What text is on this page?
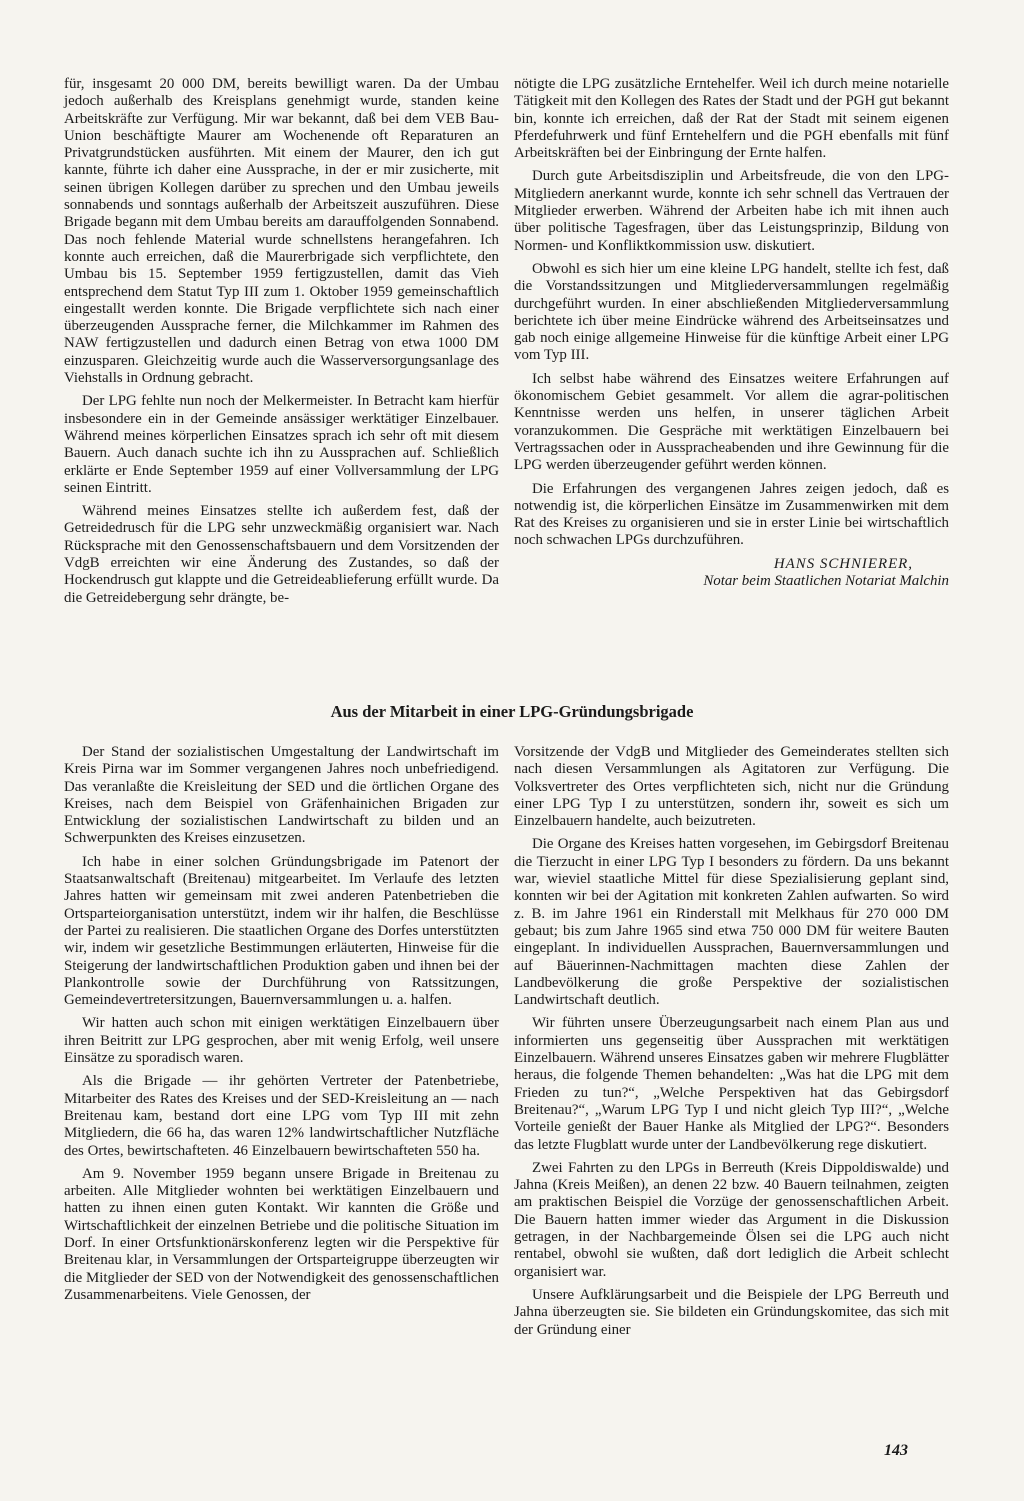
für, insgesamt 20 000 DM, bereits bewilligt waren. Da der Umbau jedoch außerhalb des Kreisplans genehmigt wurde, standen keine Arbeitskräfte zur Verfügung. Mir war bekannt, daß bei dem VEB Bau-Union beschäftigte Maurer am Wochenende oft Reparaturen an Privatgrundstücken ausführten. Mit einem der Maurer, den ich gut kannte, führte ich daher eine Aussprache, in der er mir zusicherte, mit seinen übrigen Kollegen darüber zu sprechen und den Umbau jeweils sonnabends und sonntags außerhalb der Arbeitszeit auszuführen. Diese Brigade begann mit dem Umbau bereits am darauffolgenden Sonnabend. Das noch fehlende Material wurde schnellstens herangefahren. Ich konnte auch erreichen, daß die Maurerbrigade sich verpflichtete, den Umbau bis 15. September 1959 fertigzustellen, damit das Vieh entsprechend dem Statut Typ III zum 1. Oktober 1959 gemeinschaftlich eingestallt werden konnte. Die Brigade verpflichtete sich nach einer überzeugenden Aussprache ferner, die Milchkammer im Rahmen des NAW fertigzustellen und dadurch einen Betrag von etwa 1000 DM einzusparen. Gleichzeitig wurde auch die Wasserversorgungsanlage des Viehstalls in Ordnung gebracht.

Der LPG fehlte nun noch der Melkermeister. In Betracht kam hierfür insbesondere ein in der Gemeinde ansässiger werktätiger Einzelbauer. Während meines körperlichen Einsatzes sprach ich sehr oft mit diesem Bauern. Auch danach suchte ich ihn zu Aussprachen auf. Schließlich erklärte er Ende September 1959 auf einer Vollversammlung der LPG seinen Eintritt.

Während meines Einsatzes stellte ich außerdem fest, daß der Getreidedrusch für die LPG sehr unzweckmäßig organisiert war. Nach Rücksprache mit den Genossenschaftsbauern und dem Vorsitzenden der VdgB erreichten wir eine Änderung des Zustandes, so daß der Hockendrusch gut klappte und die Getreideablieferung erfüllt wurde. Da die Getreidebergung sehr drängte, be-

nötigte die LPG zusätzliche Erntehelfer. Weil ich durch meine notarielle Tätigkeit mit den Kollegen des Rates der Stadt und der PGH gut bekannt bin, konnte ich erreichen, daß der Rat der Stadt mit seinem eigenen Pferdefuhrwerk und fünf Erntehelfern und die PGH ebenfalls mit fünf Arbeitskräften bei der Einbringung der Ernte halfen.

Durch gute Arbeitsdisziplin und Arbeitsfreude, die von den LPG-Mitgliedern anerkannt wurde, konnte ich sehr schnell das Vertrauen der Mitglieder erwerben. Während der Arbeiten habe ich mit ihnen auch über politische Tagesfragen, über das Leistungsprinzip, Bildung von Normen- und Konfliktkommission usw. diskutiert.

Obwohl es sich hier um eine kleine LPG handelt, stellte ich fest, daß die Vorstandssitzungen und Mitgliederversammlungen regelmäßig durchgeführt wurden. In einer abschließenden Mitgliederversammlung berichtete ich über meine Eindrücke während des Arbeitseinsatzes und gab noch einige allgemeine Hinweise für die künftige Arbeit einer LPG vom Typ III.

Ich selbst habe während des Einsatzes weitere Erfahrungen auf ökonomischem Gebiet gesammelt. Vor allem die agrar-politischen Kenntnisse werden uns helfen, in unserer täglichen Arbeit voranzukommen. Die Gespräche mit werktätigen Einzelbauern bei Vertragssachen oder in Ausspracheabenden und ihre Gewinnung für die LPG werden überzeugender geführt werden können.

Die Erfahrungen des vergangenen Jahres zeigen jedoch, daß es notwendig ist, die körperlichen Einsätze im Zusammenwirken mit dem Rat des Kreises zu organisieren und sie in erster Linie bei wirtschaftlich noch schwachen LPGs durchzuführen.

HANS SCHNIERER,
Notar beim Staatlichen Notariat Malchin
Aus der Mitarbeit in einer LPG-Gründungsbrigade

Der Stand der sozialistischen Umgestaltung der Landwirtschaft im Kreis Pirna war im Sommer vergangenen Jahres noch unbefriedigend. Das veranlaßte die Kreisleitung der SED und die örtlichen Organe des Kreises, nach dem Beispiel von Gräfenhainichen Brigaden zur Entwicklung der sozialistischen Landwirtschaft zu bilden und an Schwerpunkten des Kreises einzusetzen.

Ich habe in einer solchen Gründungsbrigade im Patenort der Staatsanwaltschaft (Breitenau) mitgearbeitet. Im Verlaufe des letzten Jahres hatten wir gemeinsam mit zwei anderen Patenbetrieben die Ortsparteiorganisation unterstützt, indem wir ihr halfen, die Beschlüsse der Partei zu realisieren. Die staatlichen Organe des Dorfes unterstützten wir, indem wir gesetzliche Bestimmungen erläuterten, Hinweise für die Steigerung der landwirtschaftlichen Produktion gaben und ihnen bei der Plankontrolle sowie der Durchführung von Ratssitzungen, Gemeindevertretersitzungen, Bauernversammlungen u. a. halfen.

Wir hatten auch schon mit einigen werktätigen Einzelbauern über ihren Beitritt zur LPG gesprochen, aber mit wenig Erfolg, weil unsere Einsätze zu sporadisch waren.

Als die Brigade — ihr gehörten Vertreter der Patenbetriebe, Mitarbeiter des Rates des Kreises und der SED-Kreisleitung an — nach Breitenau kam, bestand dort eine LPG vom Typ III mit zehn Mitgliedern, die 66 ha, das waren 12% landwirtschaftlicher Nutzfläche des Ortes, bewirtschafteten. 46 Einzelbauern bewirtschafteten 550 ha.

Am 9. November 1959 begann unsere Brigade in Breitenau zu arbeiten. Alle Mitglieder wohnten bei werktätigen Einzelbauern und hatten zu ihnen einen guten Kontakt. Wir kannten die Größe und Wirtschaftlichkeit der einzelnen Betriebe und die politische Situation im Dorf. In einer Ortsfunktionärskonferenz legten wir die Perspektive für Breitenau klar, in Versammlungen der Ortsparteigruppe überzeugten wir die Mitglieder der SED von der Notwendigkeit des genossenschaftlichen Zusammenarbeitens. Viele Genossen, der

Vorsitzende der VdgB und Mitglieder des Gemeinderates stellten sich nach diesen Versammlungen als Agitatoren zur Verfügung. Die Volksvertreter des Ortes verpflichteten sich, nicht nur die Gründung einer LPG Typ I zu unterstützen, sondern ihr, soweit es sich um Einzelbauern handelte, auch beizutreten.

Die Organe des Kreises hatten vorgesehen, im Gebirgsdorf Breitenau die Tierzucht in einer LPG Typ I besonders zu fördern. Da uns bekannt war, wieviel staatliche Mittel für diese Spezialisierung geplant sind, konnten wir bei der Agitation mit konkreten Zahlen aufwarten. So wird z. B. im Jahre 1961 ein Rinderstall mit Melkhaus für 270 000 DM gebaut; bis zum Jahre 1965 sind etwa 750 000 DM für weitere Bauten eingeplant. In individuellen Aussprachen, Bauernversammlungen und auf Bäuerinnen-Nachmittagen machten diese Zahlen der Landbevölkerung die große Perspektive der sozialistischen Landwirtschaft deutlich.

Wir führten unsere Überzeugungsarbeit nach einem Plan aus und informierten uns gegenseitig über Aussprachen mit werktätigen Einzelbauern. Während unseres Einsatzes gaben wir mehrere Flugblätter heraus, die folgende Themen behandelten: „Was hat die LPG mit dem Frieden zu tun?“, „Welche Perspektiven hat das Gebirgsdorf Breitenau?“, „Warum LPG Typ I und nicht gleich Typ III?“, „Welche Vorteile genießt der Bauer Hanke als Mitglied der LPG?“. Besonders das letzte Flugblatt wurde unter der Landbevölkerung rege diskutiert.

Zwei Fahrten zu den LPGs in Berreuth (Kreis Dippoldiswalde) und Jahna (Kreis Meißen), an denen 22 bzw. 40 Bauern teilnahmen, zeigten am praktischen Beispiel die Vorzüge der genossenschaftlichen Arbeit. Die Bauern hatten immer wieder das Argument in die Diskussion getragen, in der Nachbargemeinde Ölsen sei die LPG auch nicht rentabel, obwohl sie wußten, daß dort lediglich die Arbeit schlecht organisiert war.

Unsere Aufklärungsarbeit und die Beispiele der LPG Berreuth und Jahna überzeugten sie. Sie bildeten ein Gründungskomitee, das sich mit der Gründung einer

143
